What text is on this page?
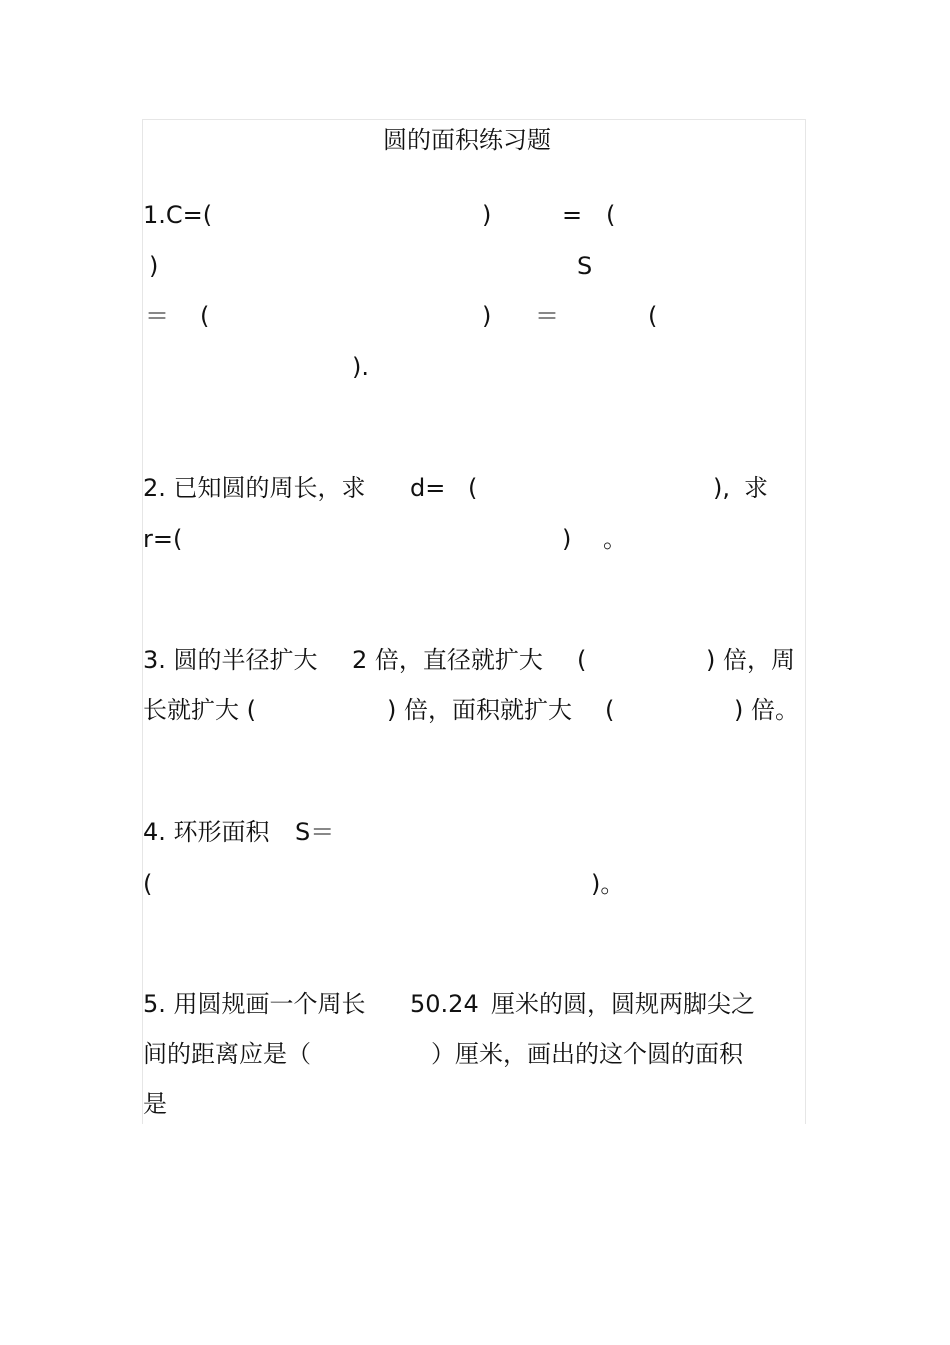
圆的面积练习题
1.C=(	)	= (
)	S
＝ (	) ＝	(
).
2. 已知圆的周长，求 d= (	), 求
r=(	) 。
3. 圆的半径扩大 2 倍，直径就扩大 (	) 倍，周
长就扩大 (	) 倍，面积就扩大 (	) 倍。
4. 环形面积 S＝
(	)。
5. 用圆规画一个周长 50.24 厘米的圆，圆规两脚尖之
间的距离应是（	）厘米，画出的这个圆的面积
是
